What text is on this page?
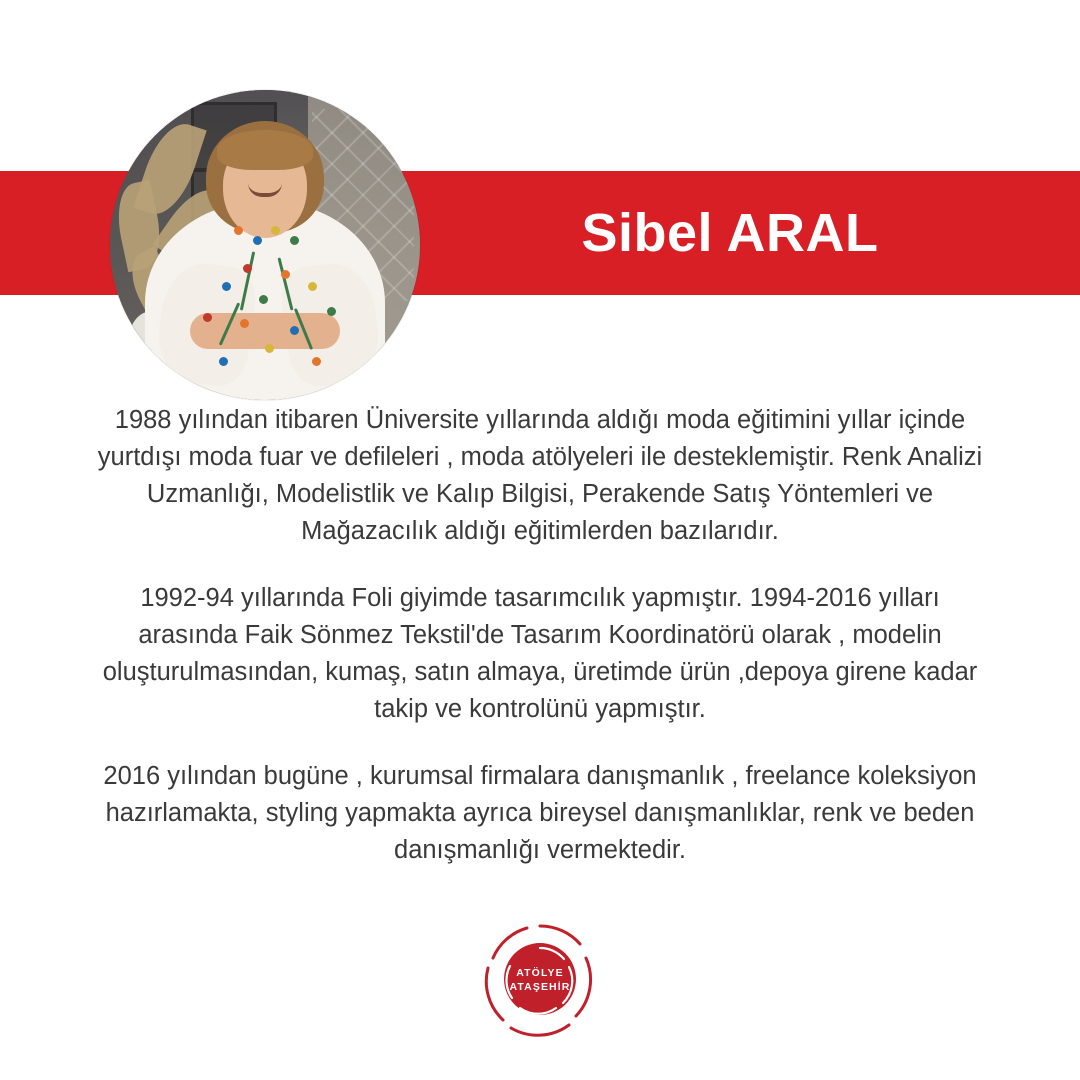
Sibel ARAL

1988 yılından itibaren Üniversite yıllarında aldığı moda eğitimini yıllar içinde yurtdışı moda fuar ve defileleri , moda atölyeleri ile desteklemiştir. Renk Analizi Uzmanlığı, Modelistlik ve Kalıp Bilgisi, Perakende Satış Yöntemleri ve Mağazacılık aldığı eğitimlerden bazılarıdır.

1992-94 yıllarında Foli giyimde tasarımcılık yapmıştır. 1994-2016 yılları arasında Faik Sönmez Tekstil'de Tasarım Koordinatörü olarak , modelin oluşturulmasından, kumaş, satın almaya, üretimde ürün ,depoya girene kadar takip ve kontrolünü yapmıştır.

2016 yılından bugüne , kurumsal firmalara danışmanlık , freelance koleksiyon hazırlamakta, styling yapmakta ayrıca bireysel danışmanlıklar, renk ve beden danışmanlığı vermektedir.

ATÖLYE
ATAŞEHİR
